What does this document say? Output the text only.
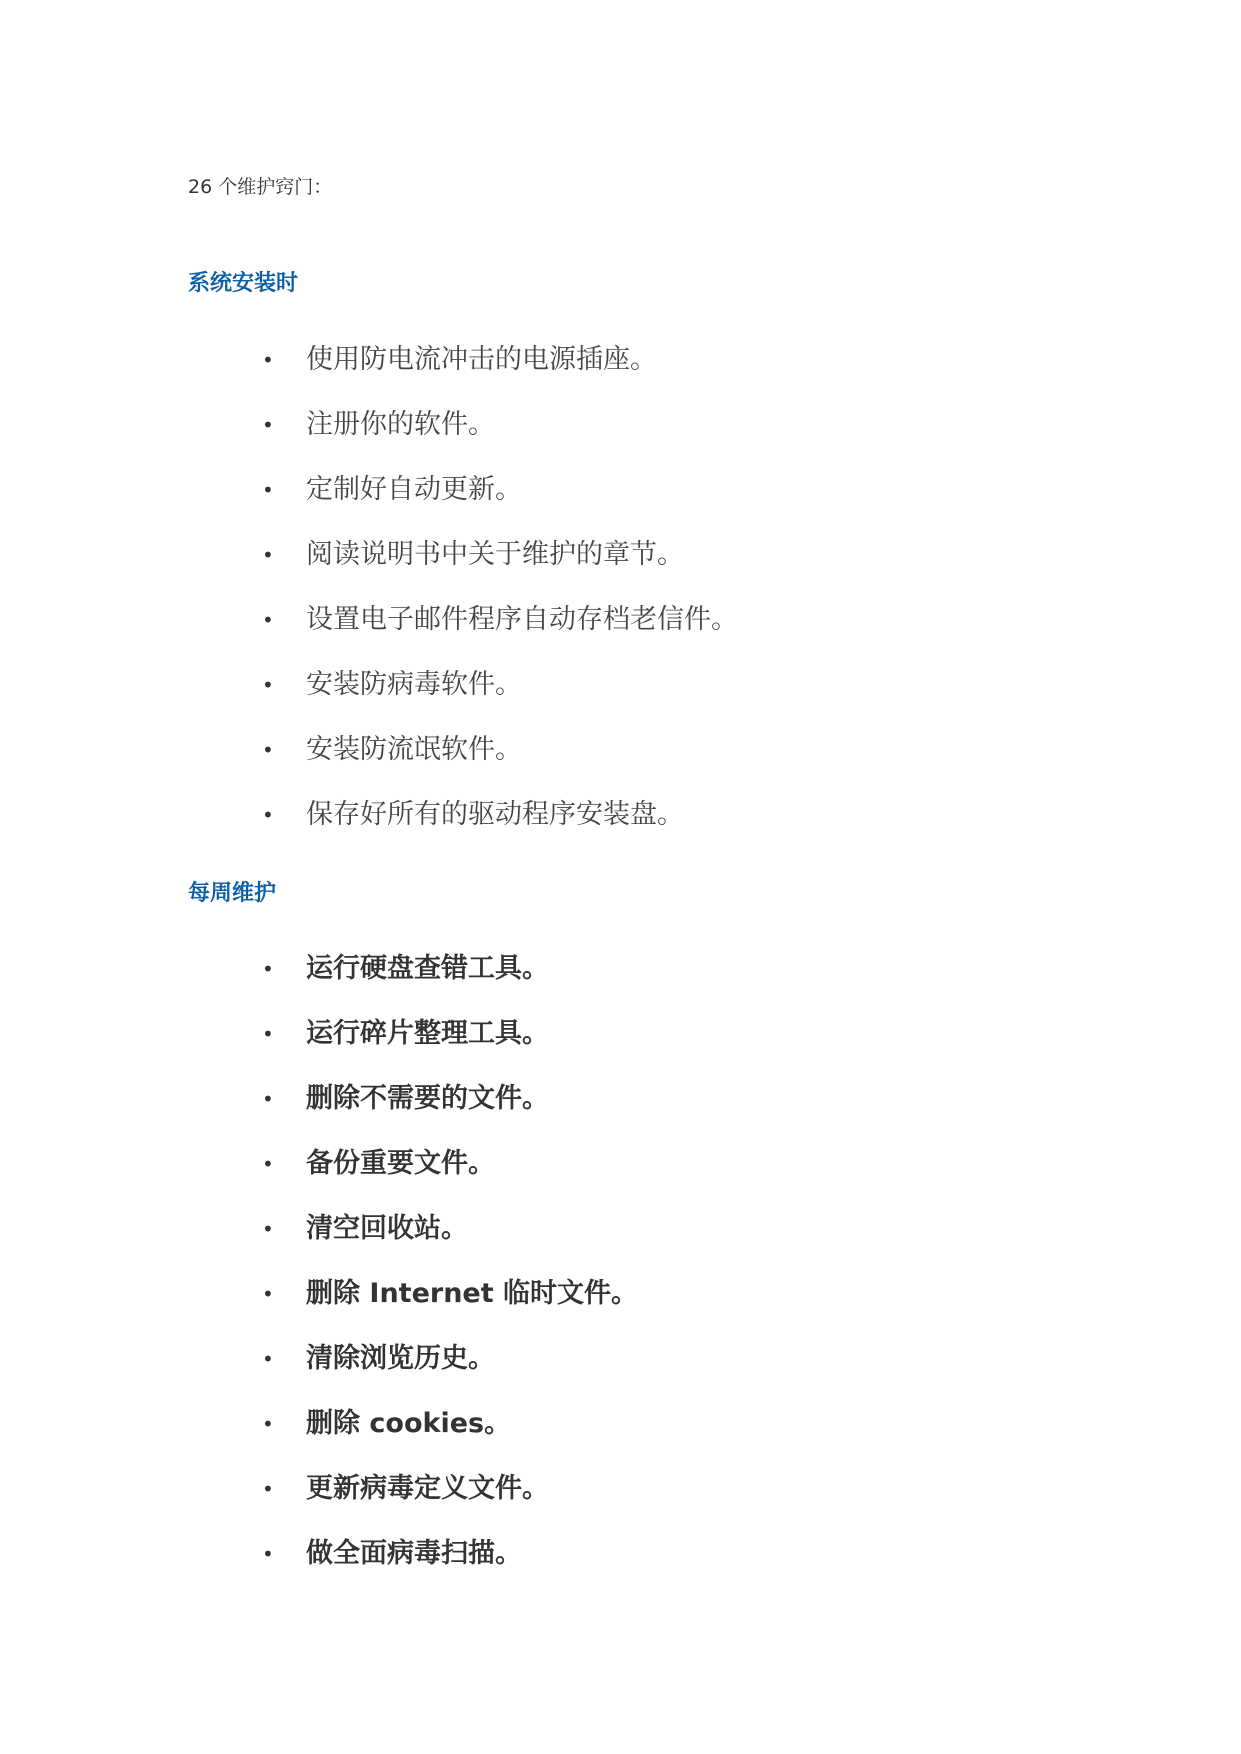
26 个维护窍门：
系统安装时
• 使用防电流冲击的电源插座。
• 注册你的软件。
• 定制好自动更新。
• 阅读说明书中关于维护的章节。
• 设置电子邮件程序自动存档老信件。
• 安装防病毒软件。
• 安装防流氓软件。
• 保存好所有的驱动程序安装盘。
每周维护
• 运行硬盘查错工具。
• 运行碎片整理工具。
• 删除不需要的文件。
• 备份重要文件。
• 清空回收站。
• 删除 Internet 临时文件。
• 清除浏览历史。
• 删除 cookies。
• 更新病毒定义文件。
• 做全面病毒扫描。
